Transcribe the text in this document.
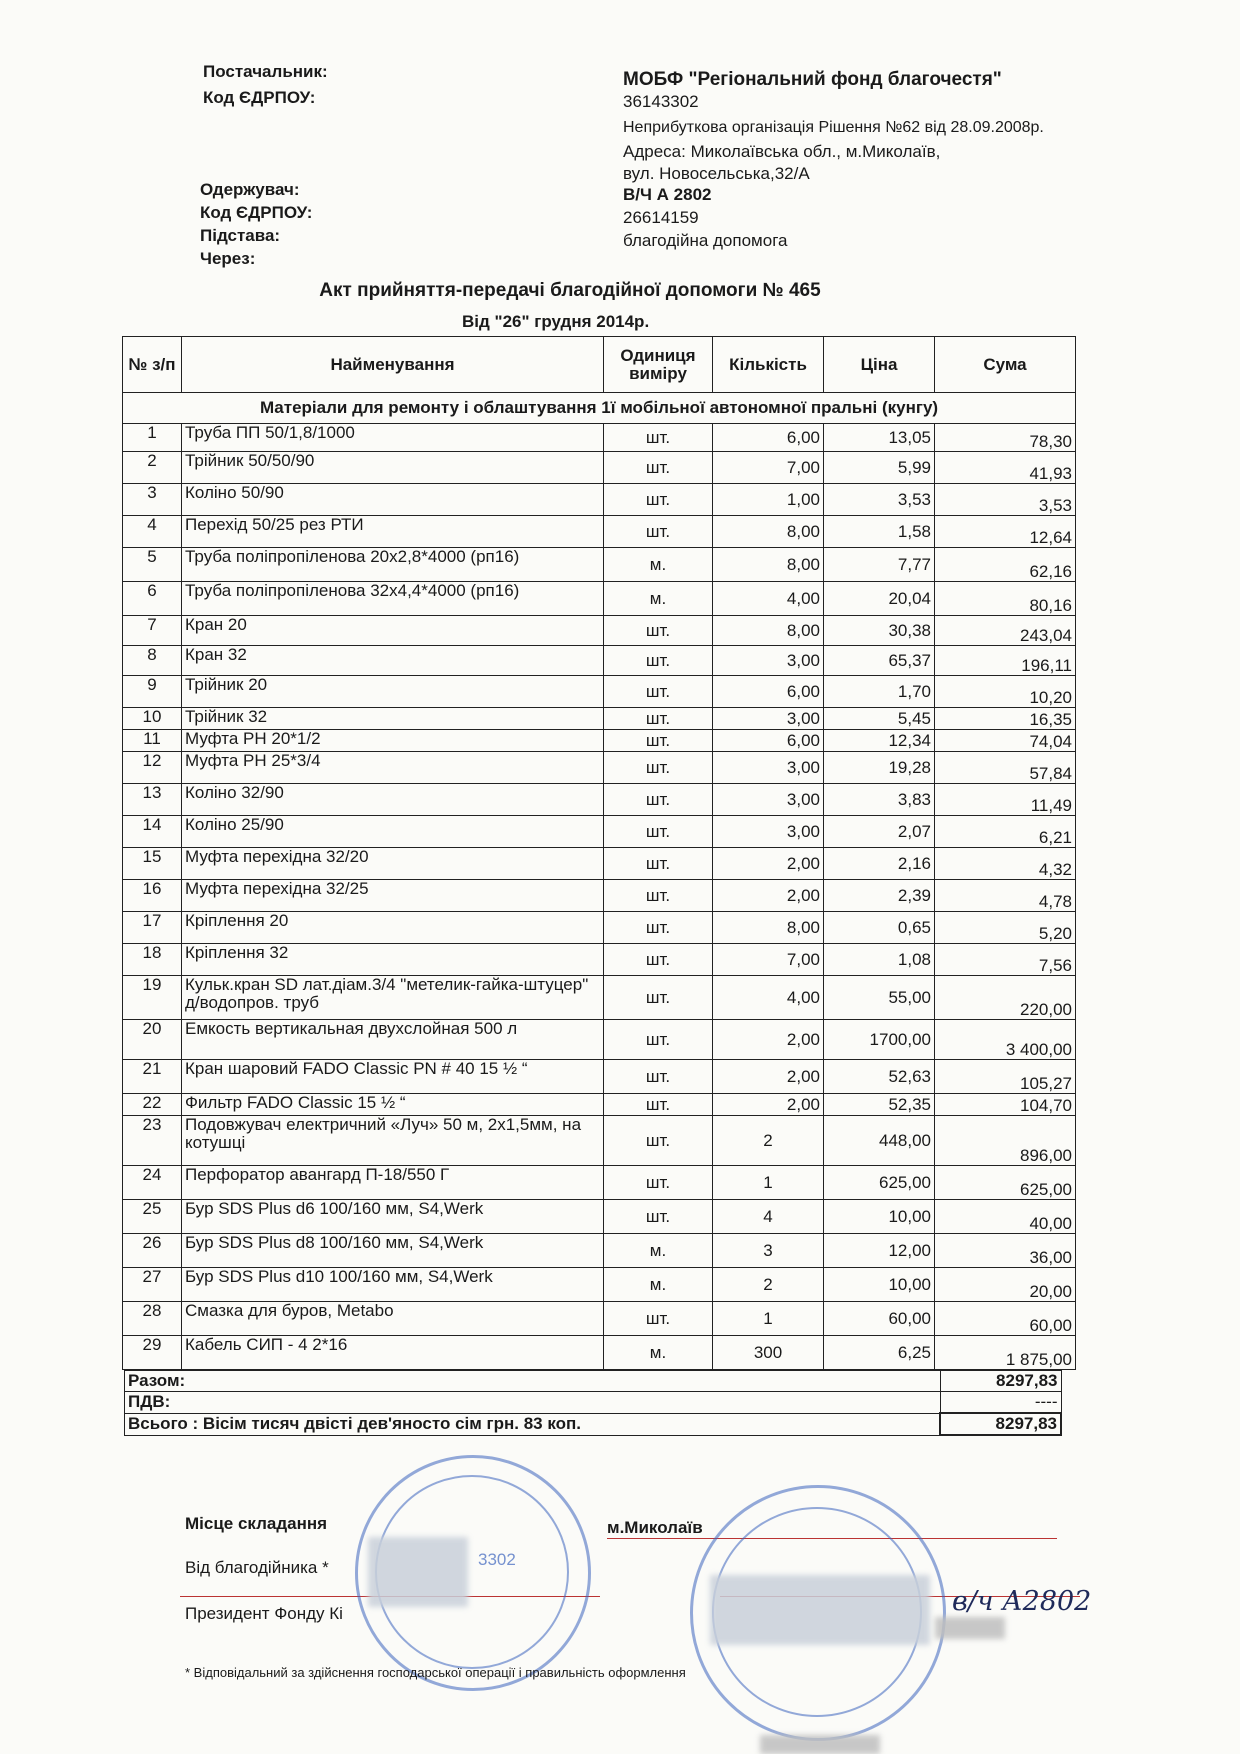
Постачальник:
Код ЄДРПОУ:
МОБФ "Регіональний фонд благочестя"
36143302
Неприбуткова організація Рішення №62 від 28.09.2008р.
Адреса: Миколаївська обл., м.Миколаїв,
вул. Новосельська,32/А
Одержувач:
Код ЄДРПОУ:
Підстава:
Через:
В/Ч А 2802
26614159
благодійна допомога
Акт прийняття-передачі благодійної допомоги № 465
Від "26" грудня 2014р.
№ з/п	Найменування	Одиниця виміру	Кількість	Ціна	Сума
Матеріали для ремонту і облаштування 1ї мобільної автономної пральні (кунгу)					
1	Труба ПП 50/1,8/1000	шт.	6,00	13,05	78,30
2	Трійник 50/50/90	шт.	7,00	5,99	41,93
3	Коліно 50/90	шт.	1,00	3,53	3,53
4	Перехід 50/25 рез РТИ	шт.	8,00	1,58	12,64
5	Труба поліпропіленова 20х2,8*4000 (рп16)	м.	8,00	7,77	62,16
6	Труба поліпропіленова 32х4,4*4000 (рп16)	м.	4,00	20,04	80,16
7	Кран 20	шт.	8,00	30,38	243,04
8	Кран 32	шт.	3,00	65,37	196,11
9	Трійник 20	шт.	6,00	1,70	10,20
10	Трійник 32	шт.	3,00	5,45	16,35
11	Муфта РН 20*1/2	шт.	6,00	12,34	74,04
12	Муфта РН 25*3/4	шт.	3,00	19,28	57,84
13	Коліно 32/90	шт.	3,00	3,83	11,49
14	Коліно 25/90	шт.	3,00	2,07	6,21
15	Муфта перехідна 32/20	шт.	2,00	2,16	4,32
16	Муфта перехідна 32/25	шт.	2,00	2,39	4,78
17	Кріплення 20	шт.	8,00	0,65	5,20
18	Кріплення 32	шт.	7,00	1,08	7,56
19	Кульк.кран SD лат.діам.3/4 "метелик-гайка-штуцер" д/водопров. труб	шт.	4,00	55,00	220,00
20	Емкость вертикальная двухслойная 500 л	шт.	2,00	1700,00	3 400,00
21	Кран шаровий FADO Classic PN # 40 15 ½ “	шт.	2,00	52,63	105,27
22	Фильтр FADO Classic 15 ½ “	шт.	2,00	52,35	104,70
23	Подовжувач електричний «Луч» 50 м, 2х1,5мм, на котушці	шт.	2	448,00	896,00
24	Перфоратор авангард П-18/550 Г	шт.	1	625,00	625,00
25	Бур SDS Plus d6 100/160 мм, S4,Werk	шт.	4	10,00	40,00
26	Бур SDS Plus d8 100/160 мм, S4,Werk	м.	3	12,00	36,00
27	Бур SDS Plus d10 100/160 мм, S4,Werk	м.	2	10,00	20,00
28	Смазка для буров, Metabo	шт.	1	60,00	60,00
29	Кабель СИП - 4 2*16	м.	300	6,25	1 875,00
Разом:	8297,83
ПДВ:	----
Всього : Вісім тисяч двісті дев'яносто сім грн. 83 коп.	8297,83
Місце складання	м.Миколаїв
Від благодійника *
Президент Фонду Кі
3302
в/ч А2802
* Відповідальний за здійснення господарської операції і правильність оформлення
